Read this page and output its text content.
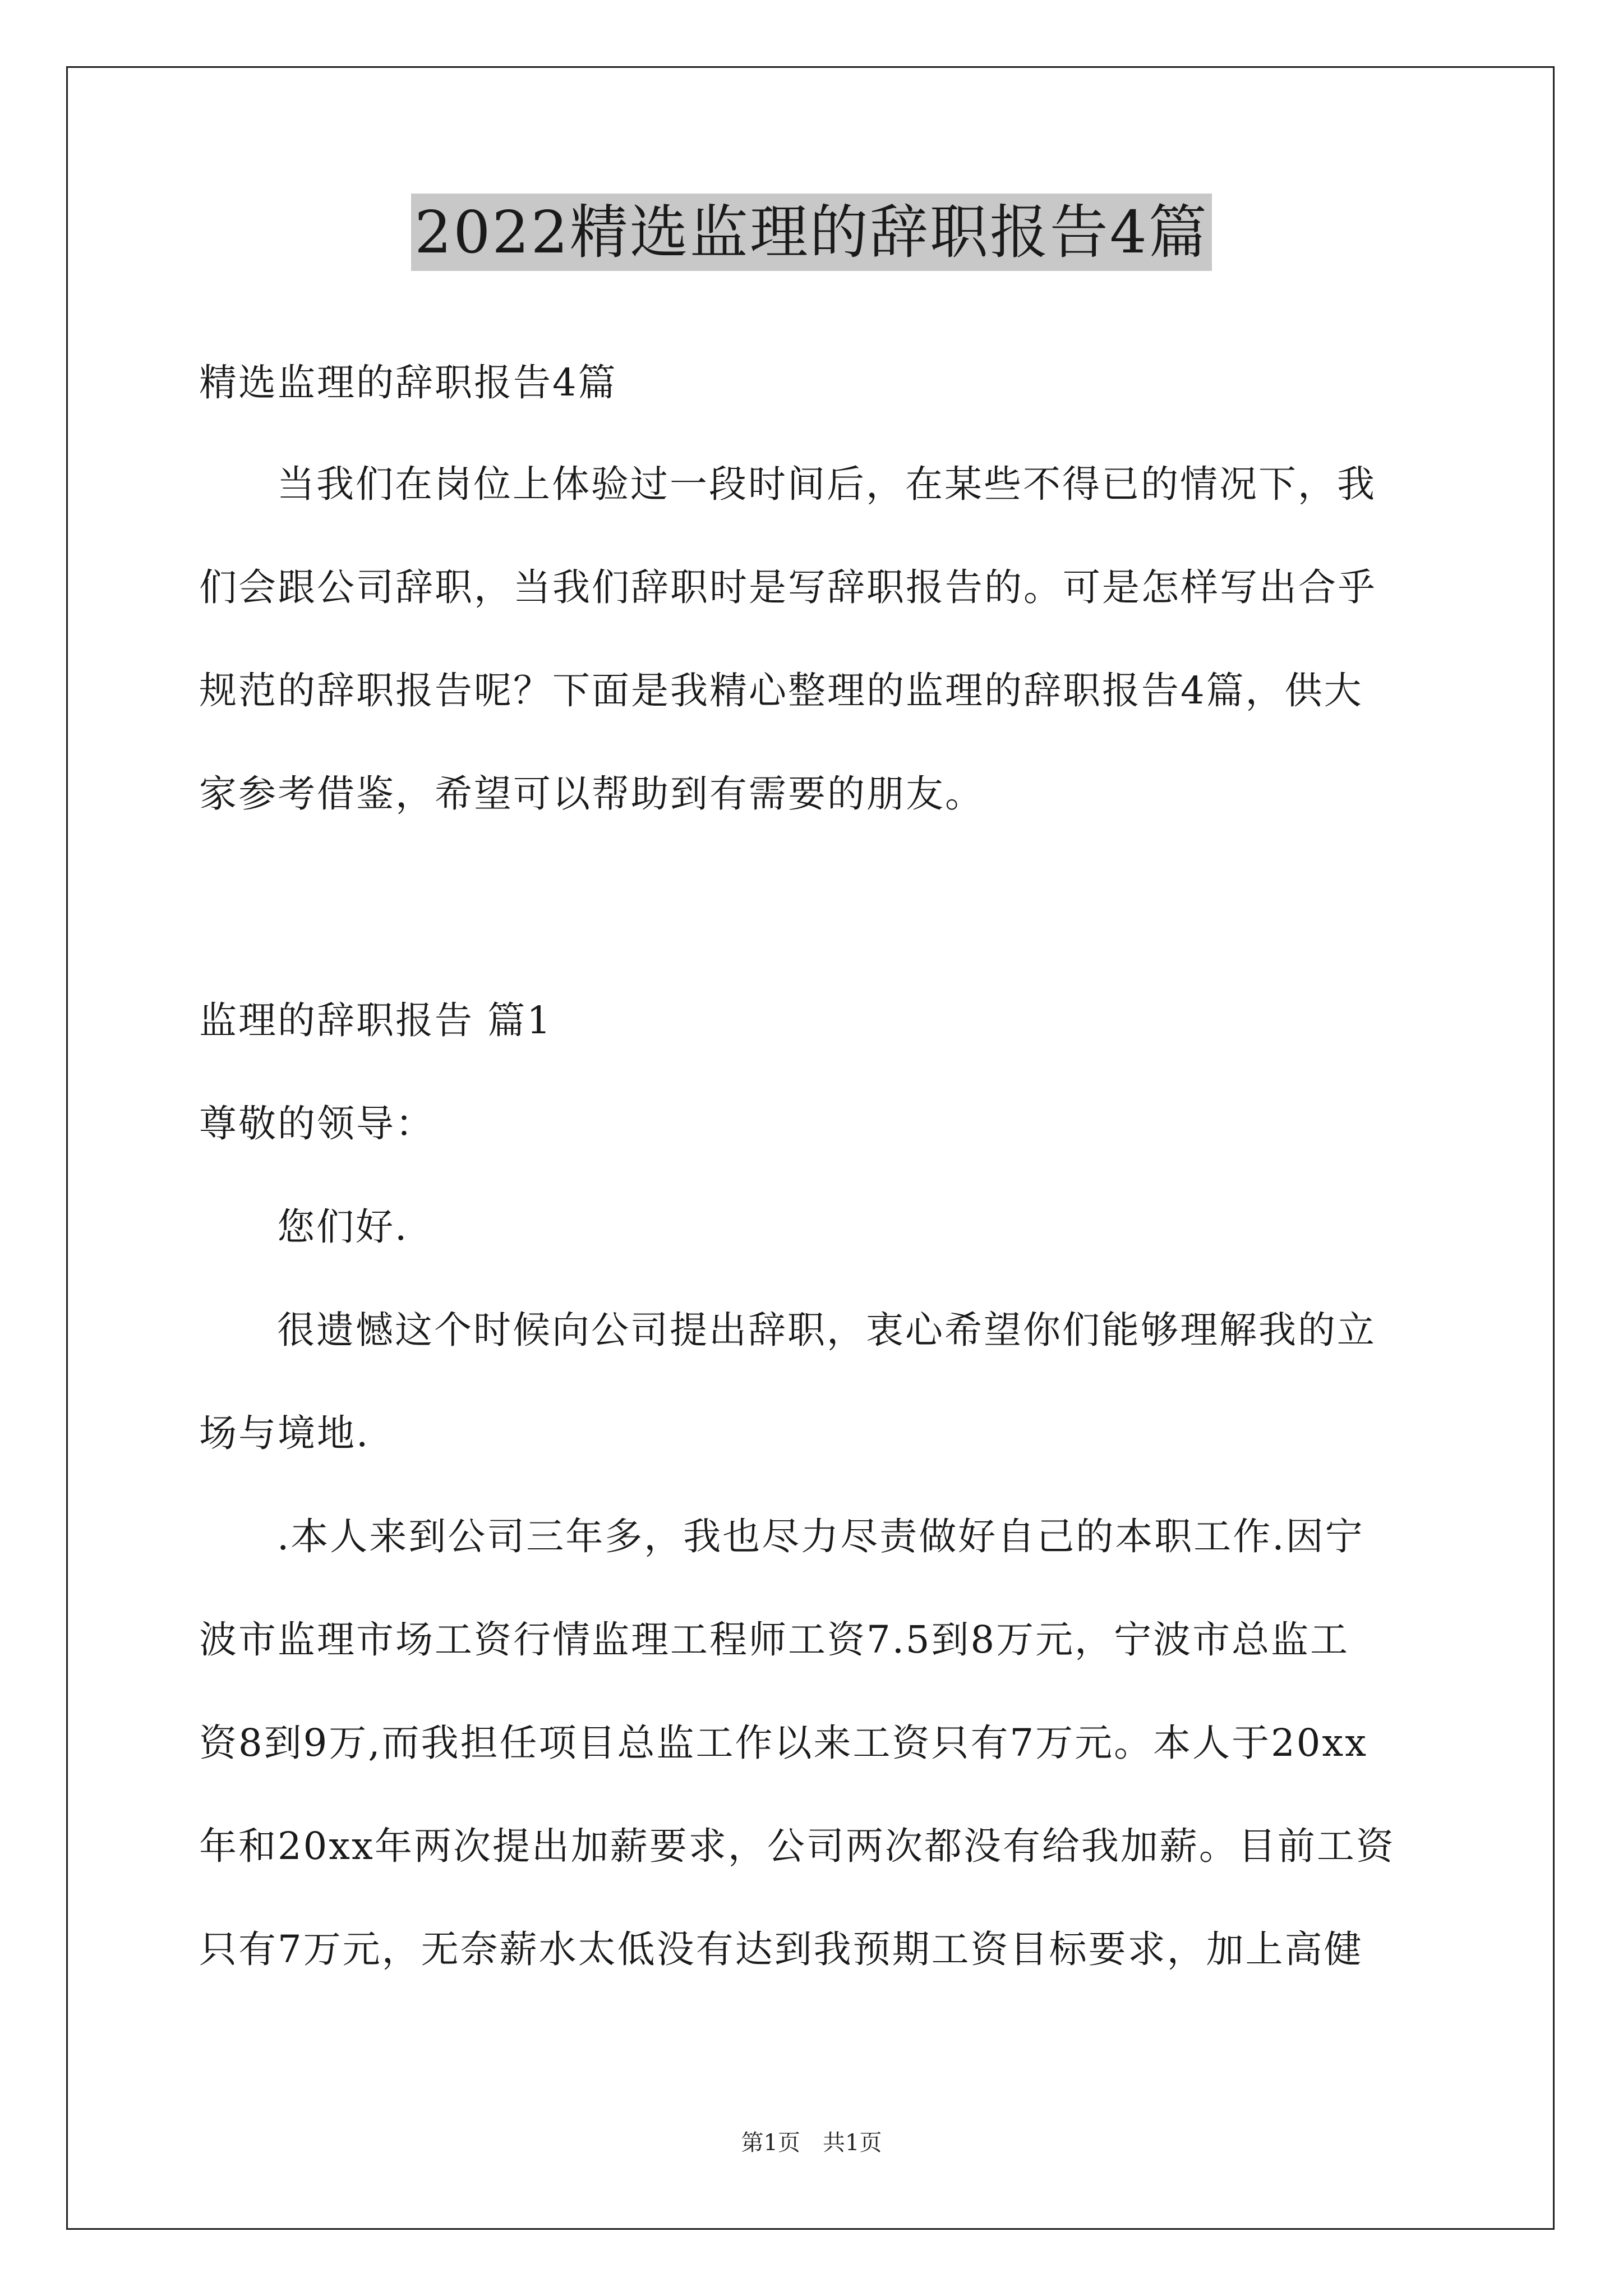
2022精选监理的辞职报告4篇
精选监理的辞职报告4篇
当我们在岗位上体验过一段时间后，在某些不得已的情况下，我
们会跟公司辞职，当我们辞职时是写辞职报告的。可是怎样写出合乎
规范的辞职报告呢？下面是我精心整理的监理的辞职报告4篇，供大
家参考借鉴，希望可以帮助到有需要的朋友。
监理的辞职报告 篇1
尊敬的领导：
您们好.
很遗憾这个时候向公司提出辞职，衷心希望你们能够理解我的立
场与境地.
.本人来到公司三年多，我也尽力尽责做好自己的本职工作.因宁
波市监理市场工资行情监理工程师工资7.5到8万元，宁波市总监工
资8到9万,而我担任项目总监工作以来工资只有7万元。本人于20xx
年和20xx年两次提出加薪要求，公司两次都没有给我加薪。目前工资
只有7万元，无奈薪水太低没有达到我预期工资目标要求，加上高健
第1页 共1页
